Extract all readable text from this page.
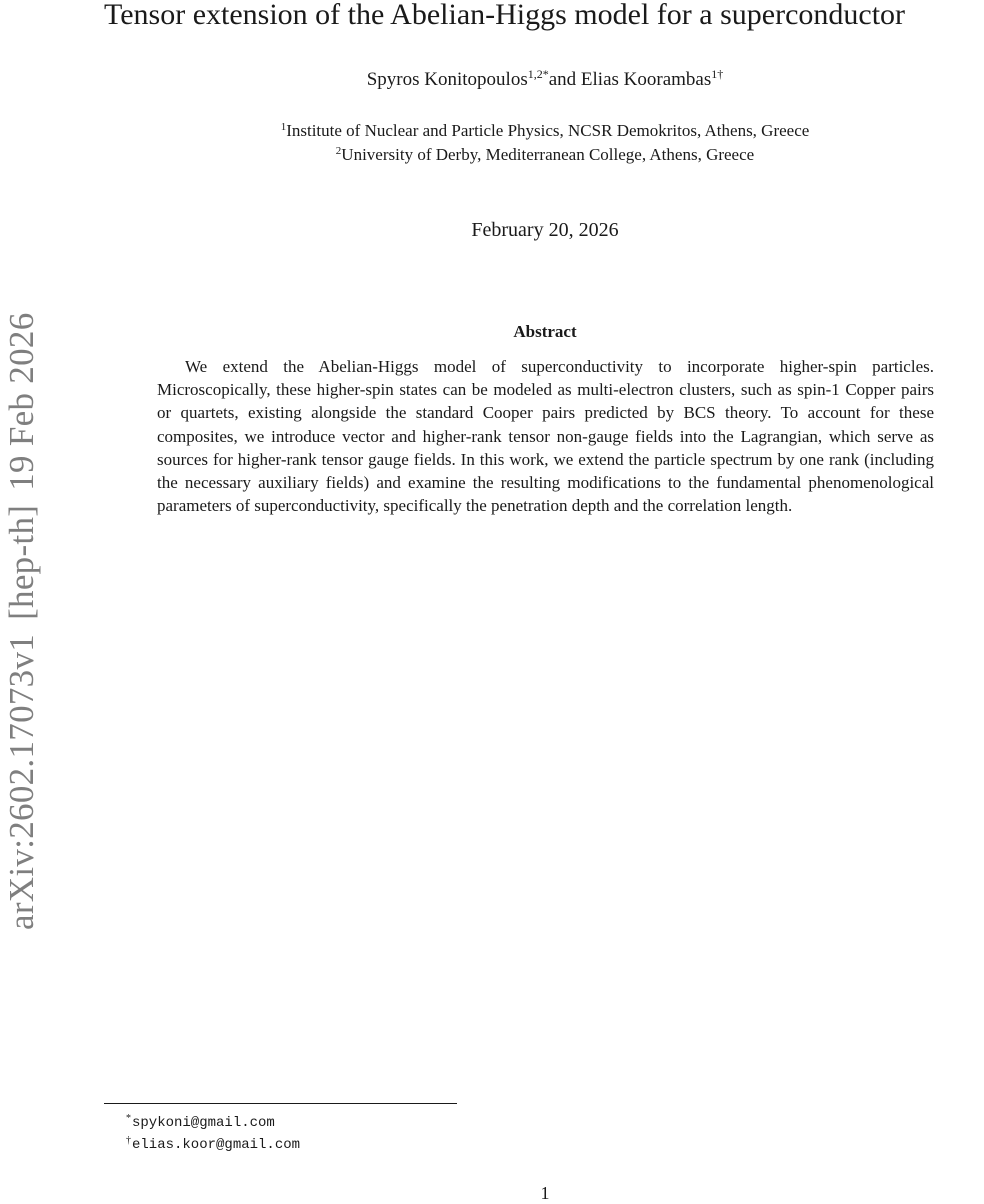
arXiv:2602.17073v1[hep-th]19 Feb 2026
Tensor extension of the Abelian-Higgs model for a superconductor
Spyros Konitopoulos$^{1,2*}$and Elias Koorambas$^{1\dagger}$
$^1$Institute of Nuclear and Particle Physics, NCSR Demokritos, Athens, Greece
$^2$University of Derby, Mediterranean College, Athens, Greece
February 20, 2026
Abstract

We extend the Abelian-Higgs model of superconductivity to incorporate higher-spin particles. Microscopically, these higher-spin states can be modeled as multi-electron clusters, such as spin-1 Copper pairs or quartets, existing alongside the standard Cooper pairs predicted by BCS theory. To account for these composites, we introduce vector and higher-rank tensor non-gauge fields into the Lagrangian, which serve as sources for higher-rank tensor gauge fields. In this work, we extend the particle spectrum by one rank (including the necessary auxiliary fields) and examine the resulting modifications to the fundamental phenomenological parameters of superconductivity, specifically the penetration depth and the correlation length.

*spykoni@gmail.com
†elias.koor@gmail.com
1
